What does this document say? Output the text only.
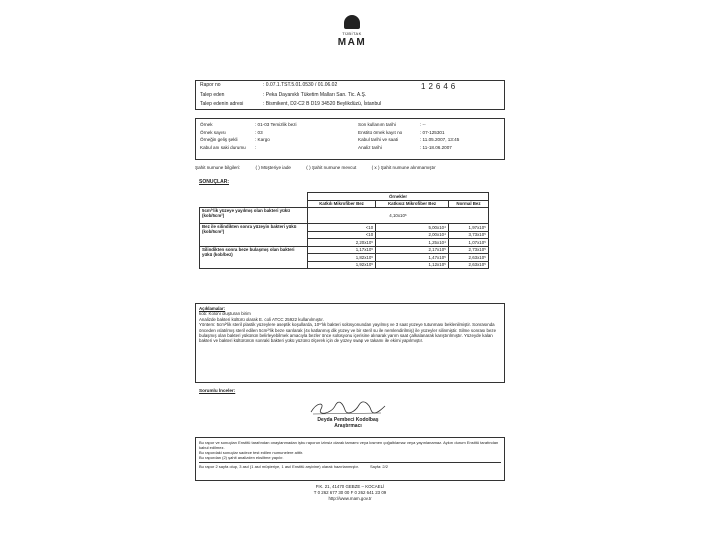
TÜBİTAK
MAM
Rapor no	: 0.07.1.TST.5.01.0530 / 01.06.02	12646
Talep eden	: Peka Dayanıklı Tüketim Malları San. Tic. A.Ş.
Talep edenin adresi	: Bismikent, D2-C2 B D19 34520 Beylikdüzü, İstanbul
Örnek	: 01-03 Temizlik bezi
Örnek sayısı	: 03
Örneğin geliş şekli	: Kargo
Kabul anı saki durumu :
Son kullanım tarihi	: --
Enstitü örnek kayıt no	: 07-125301
Kabul tarihi ve saati	: 11.05.2007, 13:45
Analiz tarihi	: 11-18.06.2007
Şahit numune bilgileri:	( ) Müşteriye iade	( ) Şahit numune mevcut	( x ) Şahit numune alınmamıştır
SONUÇLAR:
	Örnekler		
	Katkılı Mikrofiber Bez	Katkısız Mikrofiber Bez	Normal Bez
5cm²'lik yüzeye yayılmış olan bakteri yükü (kob/5cm²)	4,10x10⁶		
Bez ile silindikten sonra yüzeyin bakteri yükü (kob/5cm²)	<10	5,00x10⁴	1,97x10⁵
	<10	2,00x10⁴	3,73x10⁵
	2,20x10⁵	1,25x10⁴	1,07x10⁵
Silindikten sonra beze bulaşmış olan bakteri yükü (kob/bez)	1,17x10⁵	2,17x10⁵	2,73x10⁵
	1,82x10⁵	1,47x10⁵	2,63x10⁵
	1,92x10⁵	1,12x10⁵	2,63x10⁵

Açıklamalar:

kob: Koloni oluşturan birim

Analizde bakteri kültürü olarak E. coli ATCC 25922 kullanılmıştır.

Yöntem: 5cm²'lik steril plastik yüzeylere aseptik koşullarda, 10⁶'lık bakteri solüsyonundan yayılmış ve 3 saat yüzeye tutunması beklenilmiştir. Sonrasında önceden ıslatılmış steril edilen 5cm²'lik beze sarılarak (4x katlanmış dik yüzey ve bir steril su ile nemlendirilmiş) ile yüzeyler silinmiştir. Silme sonrası beze bulaşmış olan bakteri yükünün belirleyebilmek amacıyla bezler önce solüsyonu içerisine alınarak yarım saat çalkalanarak karıştırılmıştır. Yüzeyde kalan bakteri ve bakteri kültürünün sonraki bakteri yükü yüzünü ölçerek için de yüzey swap ve takamı ile ekimi yapılmıştır.

Sorumlu İnceler:
Deyda Pembeci Kodolbaş
Araştırmacı

Bu rapor ve sonuçları Enstitü tarafından onaylanmadan işbu raporun izinsiz olarak tamamı veya kısmen çoğaltılamaz veya yayınlanamaz. Aykırı durum Enstitü tarafından kabul edilmez.

Bu rapordaki sonuçlar sadece test edilen numunelere aittir.

Bu rapordan (2) şahit analizden eksiltme yapılır.

Bu rapor 2 sayfa olup, 3 asıl (1 asıl müşteriye, 1 asıl Enstitü arşivine) olarak hazırlanmıştır.	Sayfa: 2/2

P.K. 21, 41470 GEBZE – KOCAELİ
T 0 262 677 30 00 F 0 262 641 23 09
http://www.mam.gov.tr
